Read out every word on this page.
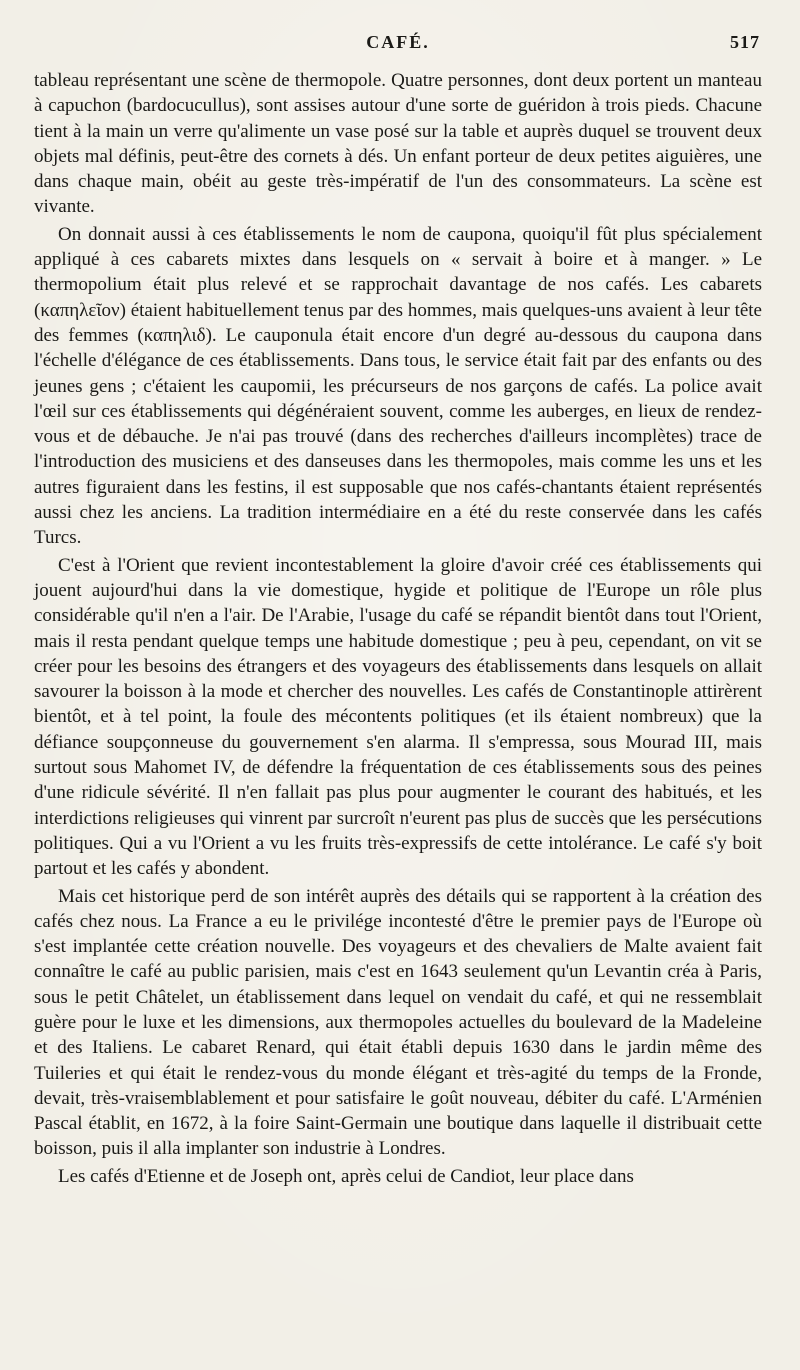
CAFÉ.	517

tableau représentant une scène de thermopole. Quatre personnes, dont deux portent un manteau à capuchon (bardocucullus), sont assises autour d'une sorte de guéridon à trois pieds. Chacune tient à la main un verre qu'alimente un vase posé sur la table et auprès duquel se trouvent deux objets mal définis, peut-être des cornets à dés. Un enfant porteur de deux petites aiguières, une dans chaque main, obéit au geste très-impératif de l'un des consommateurs. La scène est vivante.

On donnait aussi à ces établissements le nom de caupona, quoiqu'il fût plus spécialement appliqué à ces cabarets mixtes dans lesquels on « servait à boire et à manger. » Le thermopolium était plus relevé et se rapprochait davantage de nos cafés. Les cabarets (καπηλεῖον) étaient habituellement tenus par des hommes, mais quelques-uns avaient à leur tête des femmes (καπηλιδ). Le cauponula était encore d'un degré au-dessous du caupona dans l'échelle d'élégance de ces établissements. Dans tous, le service était fait par des enfants ou des jeunes gens ; c'étaient les caupomii, les précurseurs de nos garçons de cafés. La police avait l'œil sur ces établissements qui dégénéraient souvent, comme les auberges, en lieux de rendez-vous et de débauche. Je n'ai pas trouvé (dans des recherches d'ailleurs incomplètes) trace de l'introduction des musiciens et des danseuses dans les thermopoles, mais comme les uns et les autres figuraient dans les festins, il est supposable que nos cafés-chantants étaient représentés aussi chez les anciens. La tradition intermédiaire en a été du reste conservée dans les cafés Turcs.

C'est à l'Orient que revient incontestablement la gloire d'avoir créé ces établissements qui jouent aujourd'hui dans la vie domestique, hygide et politique de l'Europe un rôle plus considérable qu'il n'en a l'air. De l'Arabie, l'usage du café se répandit bientôt dans tout l'Orient, mais il resta pendant quelque temps une habitude domestique ; peu à peu, cependant, on vit se créer pour les besoins des étrangers et des voyageurs des établissements dans lesquels on allait savourer la boisson à la mode et chercher des nouvelles. Les cafés de Constantinople attirèrent bientôt, et à tel point, la foule des mécontents politiques (et ils étaient nombreux) que la défiance soupçonneuse du gouvernement s'en alarma. Il s'empressa, sous Mourad III, mais surtout sous Mahomet IV, de défendre la fréquentation de ces établissements sous des peines d'une ridicule sévérité. Il n'en fallait pas plus pour augmenter le courant des habitués, et les interdictions religieuses qui vinrent par surcroît n'eurent pas plus de succès que les persécutions politiques. Qui a vu l'Orient a vu les fruits très-expressifs de cette intolérance. Le café s'y boit partout et les cafés y abondent.

Mais cet historique perd de son intérêt auprès des détails qui se rapportent à la création des cafés chez nous. La France a eu le privilége incontesté d'être le premier pays de l'Europe où s'est implantée cette création nouvelle. Des voyageurs et des chevaliers de Malte avaient fait connaître le café au public parisien, mais c'est en 1643 seulement qu'un Levantin créa à Paris, sous le petit Châtelet, un établissement dans lequel on vendait du café, et qui ne ressemblait guère pour le luxe et les dimensions, aux thermopoles actuelles du boulevard de la Madeleine et des Italiens. Le cabaret Renard, qui était établi depuis 1630 dans le jardin même des Tuileries et qui était le rendez-vous du monde élégant et très-agité du temps de la Fronde, devait, très-vraisemblablement et pour satisfaire le goût nouveau, débiter du café. L'Arménien Pascal établit, en 1672, à la foire Saint-Germain une boutique dans laquelle il distribuait cette boisson, puis il alla implanter son industrie à Londres.

Les cafés d'Etienne et de Joseph ont, après celui de Candiot, leur place dans
